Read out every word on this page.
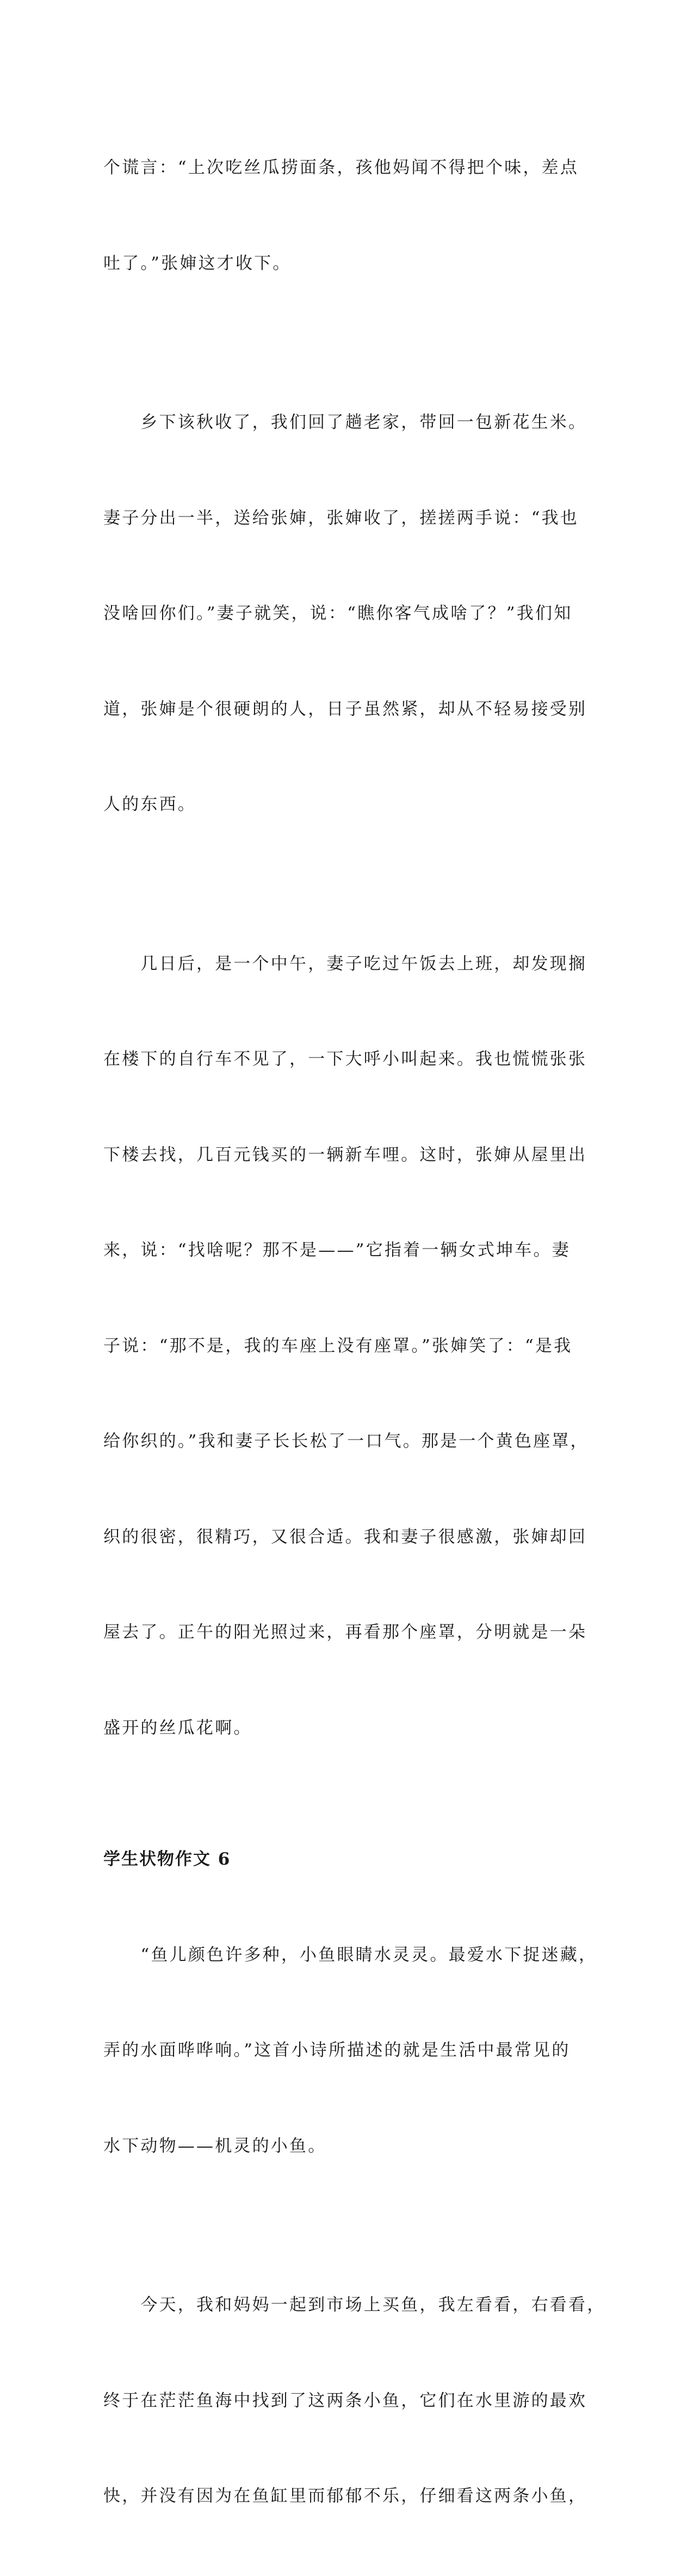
个谎言：“上次吃丝瓜捞面条，孩他妈闻不得把个味，差点

吐了。”张婶这才收下。

　　乡下该秋收了，我们回了趟老家，带回一包新花生米。

妻子分出一半，送给张婶，张婶收了，搓搓两手说：“我也

没啥回你们。”妻子就笑，说：“瞧你客气成啥了？”我们知

道，张婶是个很硬朗的人，日子虽然紧，却从不轻易接受别

人的东西。

　　几日后，是一个中午，妻子吃过午饭去上班，却发现搁

在楼下的自行车不见了，一下大呼小叫起来。我也慌慌张张

下楼去找，几百元钱买的一辆新车哩。这时，张婶从屋里出

来，说：“找啥呢？那不是——”它指着一辆女式坤车。妻

子说：“那不是，我的车座上没有座罩。”张婶笑了：“是我

给你织的。”我和妻子长长松了一口气。那是一个黄色座罩，

织的很密，很精巧，又很合适。我和妻子很感激，张婶却回

屋去了。正午的阳光照过来，再看那个座罩，分明就是一朵

盛开的丝瓜花啊。

学生状物作文 6

　　“鱼儿颜色许多种，小鱼眼睛水灵灵。最爱水下捉迷藏，

弄的水面哗哗响。”这首小诗所描述的就是生活中最常见的

水下动物——机灵的小鱼。

　　今天，我和妈妈一起到市场上买鱼，我左看看，右看看，

终于在茫茫鱼海中找到了这两条小鱼，它们在水里游的最欢

快，并没有因为在鱼缸里而郁郁不乐，仔细看这两条小鱼，
